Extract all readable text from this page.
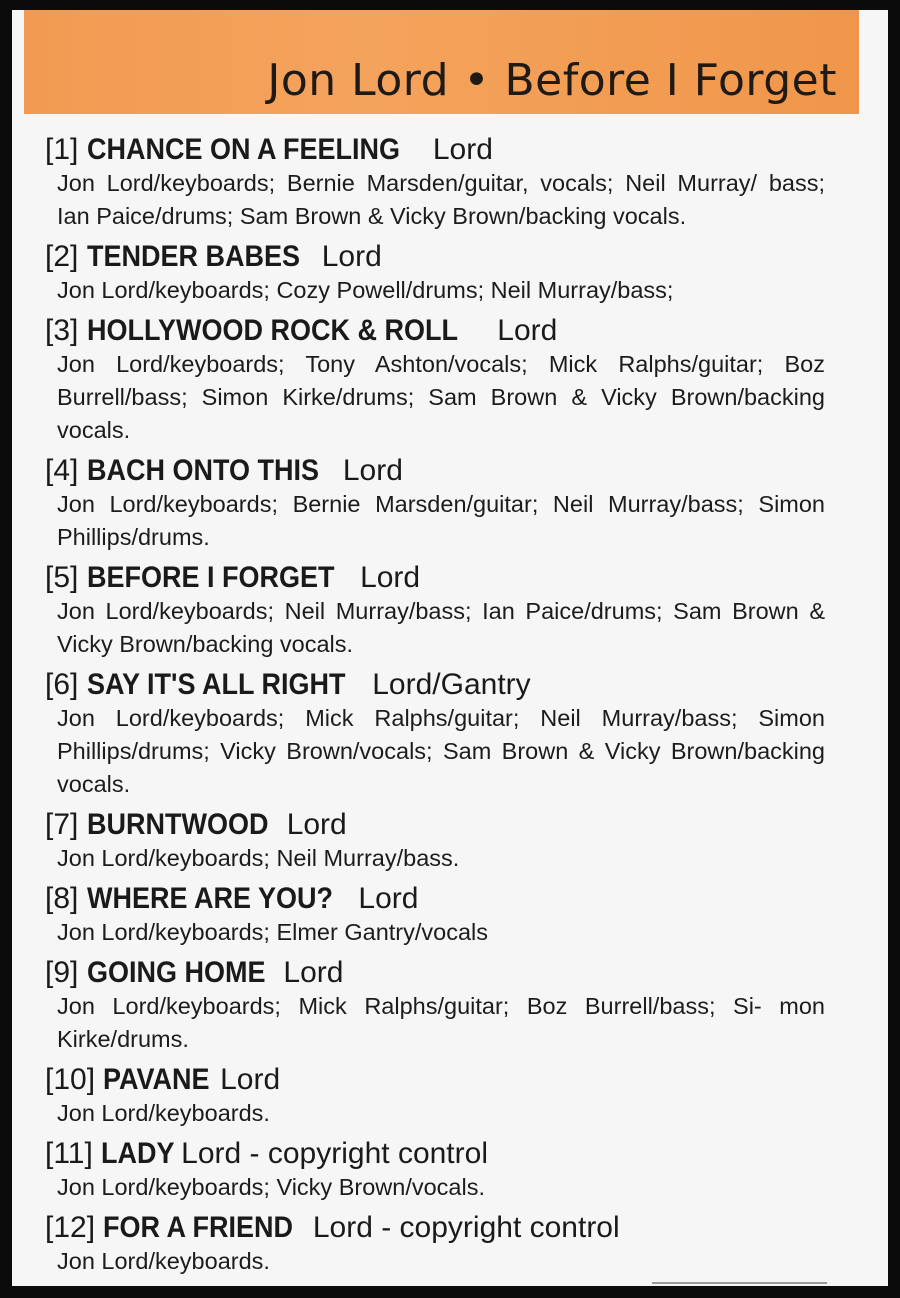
Jon Lord • Before I Forget
[1] CHANCE ON A FEELING Lord
Jon Lord/keyboards; Bernie Marsden/guitar, vocals; Neil Murray/ bass; Ian Paice/drums; Sam Brown & Vicky Brown/backing vocals.
[2] TENDER BABES Lord
Jon Lord/keyboards; Cozy Powell/drums; Neil Murray/bass;
[3] HOLLYWOOD ROCK & ROLL Lord
Jon Lord/keyboards; Tony Ashton/vocals; Mick Ralphs/guitar; Boz Burrell/bass; Simon Kirke/drums; Sam Brown & Vicky Brown/backing vocals.
[4] BACH ONTO THIS Lord
Jon Lord/keyboards; Bernie Marsden/guitar; Neil Murray/bass; Simon Phillips/drums.
[5] BEFORE I FORGET Lord
Jon Lord/keyboards; Neil Murray/bass; Ian Paice/drums; Sam Brown & Vicky Brown/backing vocals.
[6] SAY IT'S ALL RIGHT Lord/Gantry
Jon Lord/keyboards; Mick Ralphs/guitar; Neil Murray/bass; Simon Phillips/drums; Vicky Brown/vocals; Sam Brown & Vicky Brown/backing vocals.
[7] BURNTWOOD Lord
Jon Lord/keyboards; Neil Murray/bass.
[8] WHERE ARE YOU? Lord
Jon Lord/keyboards; Elmer Gantry/vocals
[9] GOING HOME Lord
Jon Lord/keyboards; Mick Ralphs/guitar; Boz Burrell/bass; Si- mon Kirke/drums.
[10] PAVANE Lord
Jon Lord/keyboards.
[11] LADY Lord - copyright control
Jon Lord/keyboards; Vicky Brown/vocals.
[12] FOR A FRIEND Lord - copyright control
Jon Lord/keyboards.
